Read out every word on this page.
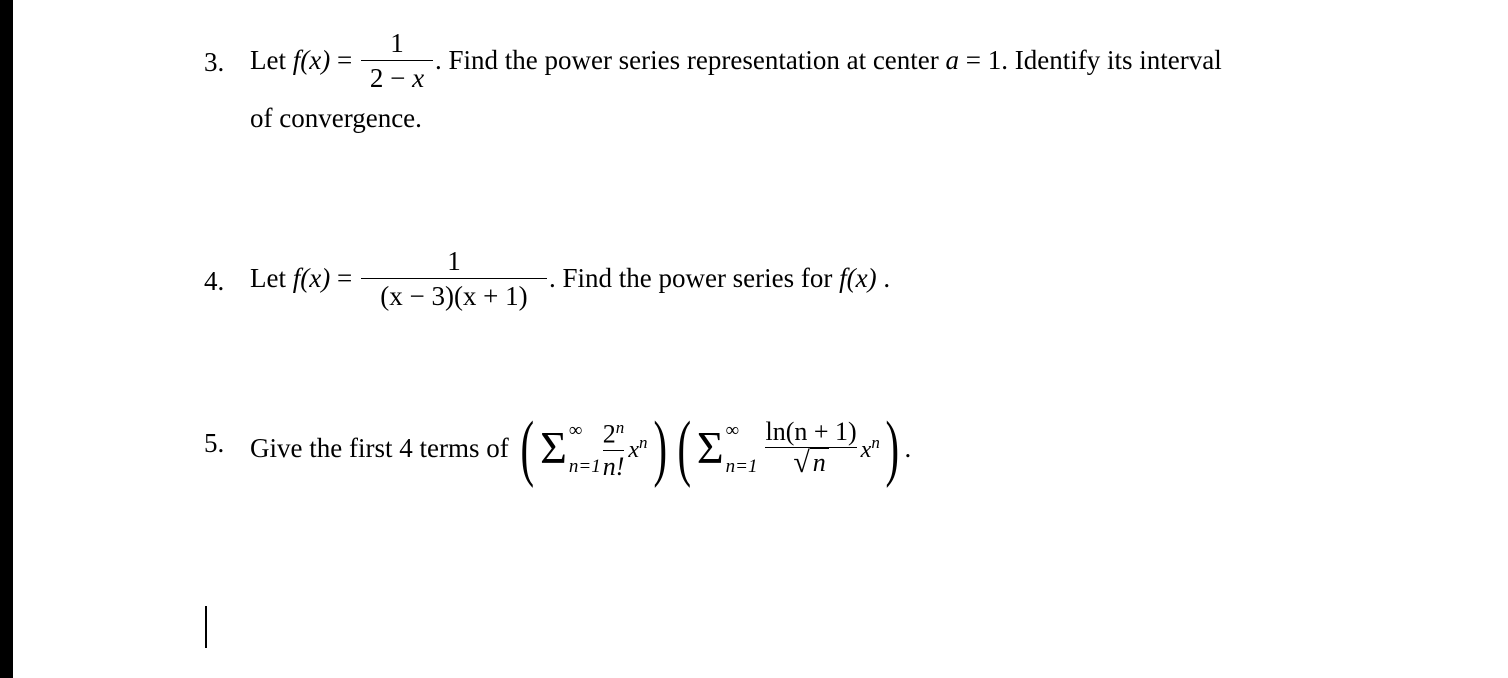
3. Let
f (x)
=
$\frac{1}{2 - x}$ . Find the power series representation at center
a
=
1. Identify its interval
of convergence.
4. Let
f (x)
=
$\frac{1}{(x - 3)(x + 1)}$ . Find the power series for
f (x)
.
5. Give the first 4 terms of
( Σ ∞
$n=1 \frac{2^n}{n!} x^n$ ) ( Σ ∞
$n=1 \frac{\ln(n + 1)}{√ n} x^n$ ) .
